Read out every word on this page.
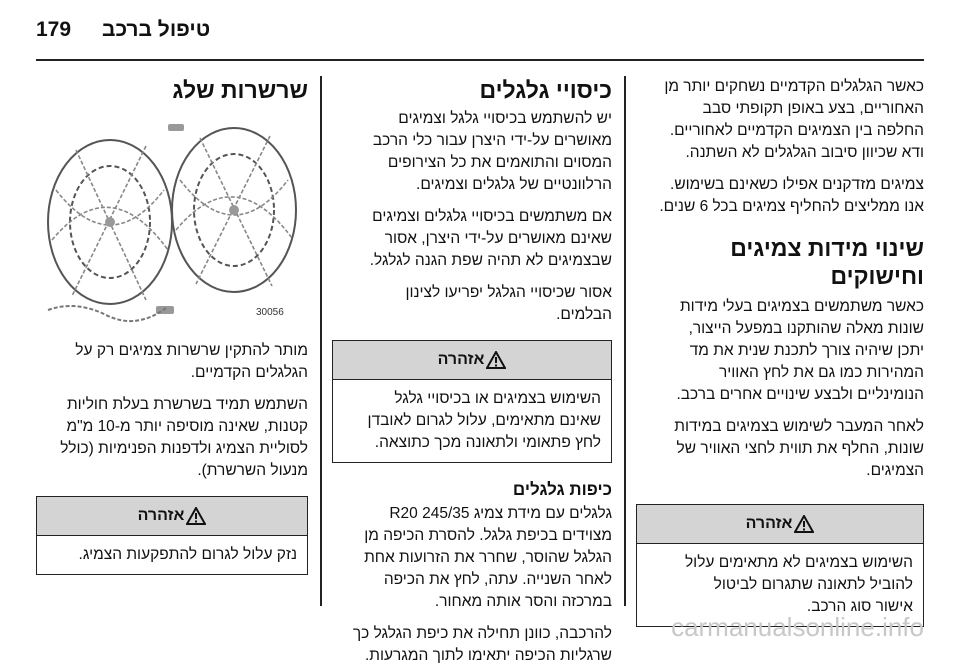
179 טיפול ברכב

כאשר הגלגלים הקדמיים נשחקים יותר מן

האחוריים, בצע באופן תקופתי סבב

החלפה בין הצמיגים הקדמיים לאחוריים.

ודא שכיוון סיבוב הגלגלים לא השתנה.

צמיגים מזדקנים אפילו כשאינם בשימוש.

אנו ממליצים להחליף צמיגים בכל 6 שנים.

שינוי מידות צמיגים וחישוקים

כאשר משתמשים בצמיגים בעלי מידות

שונות מאלה שהותקנו במפעל הייצור,

יתכן שיהיה צורך לתכנת שנית את מד

המהירות כמו גם את לחץ האוויר

הנומינליים ולבצע שינויים אחרים ברכב.

לאחר המעבר לשימוש בצמיגים במידות

שונות, החלף את תווית לחצי האוויר של

הצמיגים.

אזהרה
השימוש בצמיגים לא מתאימים עלול
להוביל לתאונה שתגרום לביטול
אישור סוג הרכב.
כיסויי גלגלים

יש להשתמש בכיסויי גלגל וצמיגים

מאושרים על-ידי היצרן עבור כלי הרכב

המסוים והתואמים את כל הצירופים

הרלוונטיים של גלגלים וצמיגים.

אם משתמשים בכיסויי גלגלים וצמיגים

שאינם מאושרים על-ידי היצרן, אסור

שבצמיגים לא תהיה שפת הגנה לגלגל.

אסור שכיסויי הגלגל יפריעו לצינון

הבלמים.

אזהרה
השימוש בצמיגים או בכיסויי גלגל
שאינם מתאימים, עלול לגרום לאובדן
לחץ פתאומי ולתאונה מכך כתוצאה.
כיפות גלגלים

גלגלים עם מידת צמיג 245/35 R20

מצוידים בכיפת גלגל. להסרת הכיפה מן

הגלגל שהוסר, שחרר את הזרועות אחת

לאחר השנייה. עתה, לחץ את הכיפה

במרכזה והסר אותה מאחור.

להרכבה, כוונן תחילה את כיפת הגלגל כך

שרגליות הכיפה יתאימו לתוך המגרעות.

שרשרות שלג
30056

מותר להתקין שרשרות צמיגים רק על

הגלגלים הקדמיים.

השתמש תמיד בשרשרת בעלת חוליות

קטנות, שאינה מוסיפה יותר מ-10 מ"מ

לסוליית הצמיג ולדפנות הפנימיות (כולל

מנעול השרשרת).

אזהרה
נזק עלול לגרום להתפקעות הצמיג.
carmanualsonline.info
